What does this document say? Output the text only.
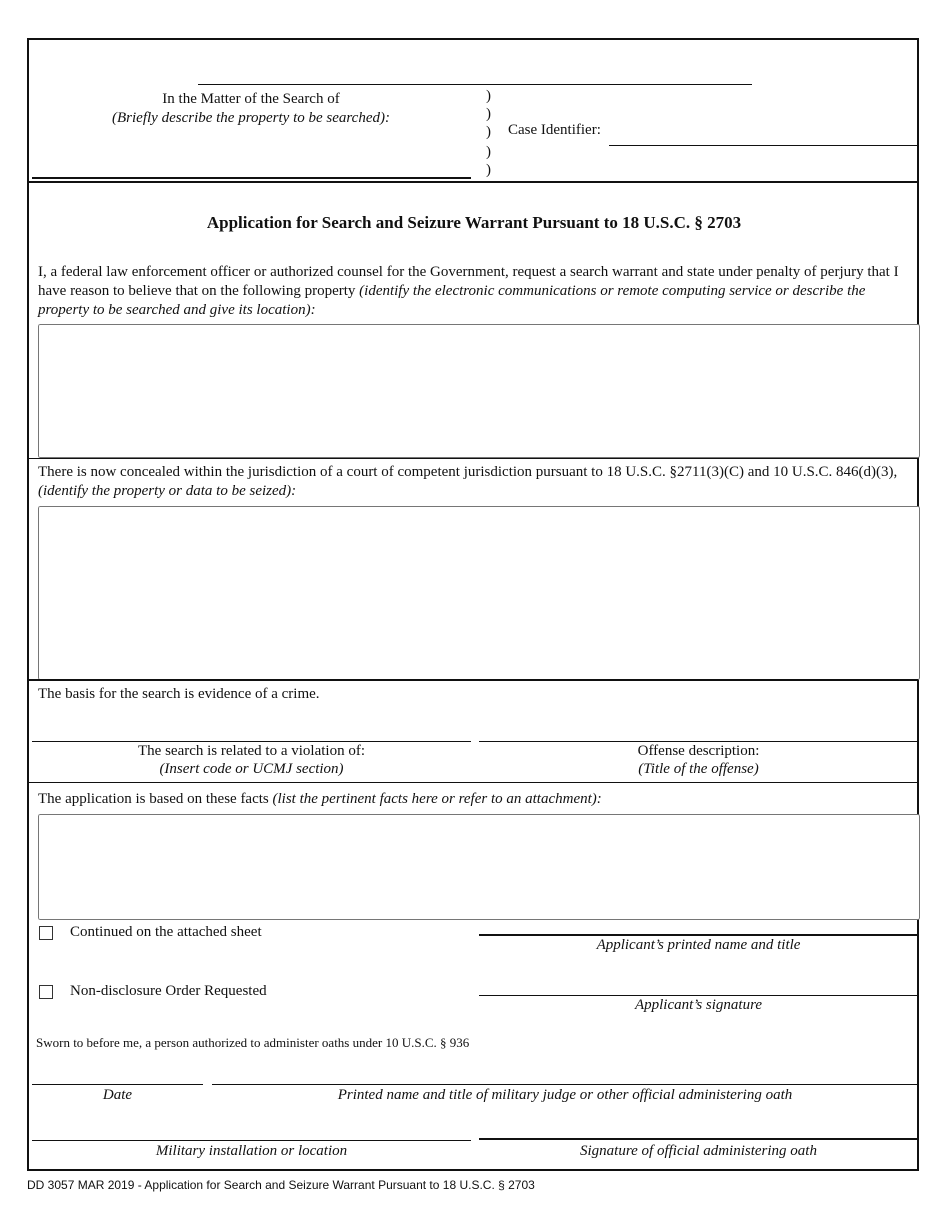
In the Matter of the Search of
(Briefly describe the property to be searched):
)
)
)
)
)
Case Identifier:
Application for Search and Seizure Warrant Pursuant to 18 U.S.C. § 2703
I, a federal law enforcement officer or authorized counsel for the Government, request a search warrant and state under penalty of perjury that I have reason to believe that on the following property (identify the electronic communications or remote computing service or describe the property to be searched and give its location):
There is now concealed within the jurisdiction of a court of competent jurisdiction pursuant to 18 U.S.C. §2711(3)(C) and 10 U.S.C. 846(d)(3), (identify the property or data to be seized):
The basis for the search is evidence of a crime.
The search is related to a violation of:
(Insert code or UCMJ section)
Offense description:
(Title of the offense)
The application is based on these facts (list the pertinent facts here or refer to an attachment):
Continued on the attached sheet
Non-disclosure Order Requested
Applicant’s printed name and title
Applicant’s signature
Sworn to before me, a person authorized to administer oaths under 10 U.S.C. § 936
Date	Printed name and title of military judge or other official administering oath
Military installation or location	Signature of official administering oath
DD 3057 MAR 2019 - Application for Search and Seizure Warrant Pursuant to 18 U.S.C. § 2703
